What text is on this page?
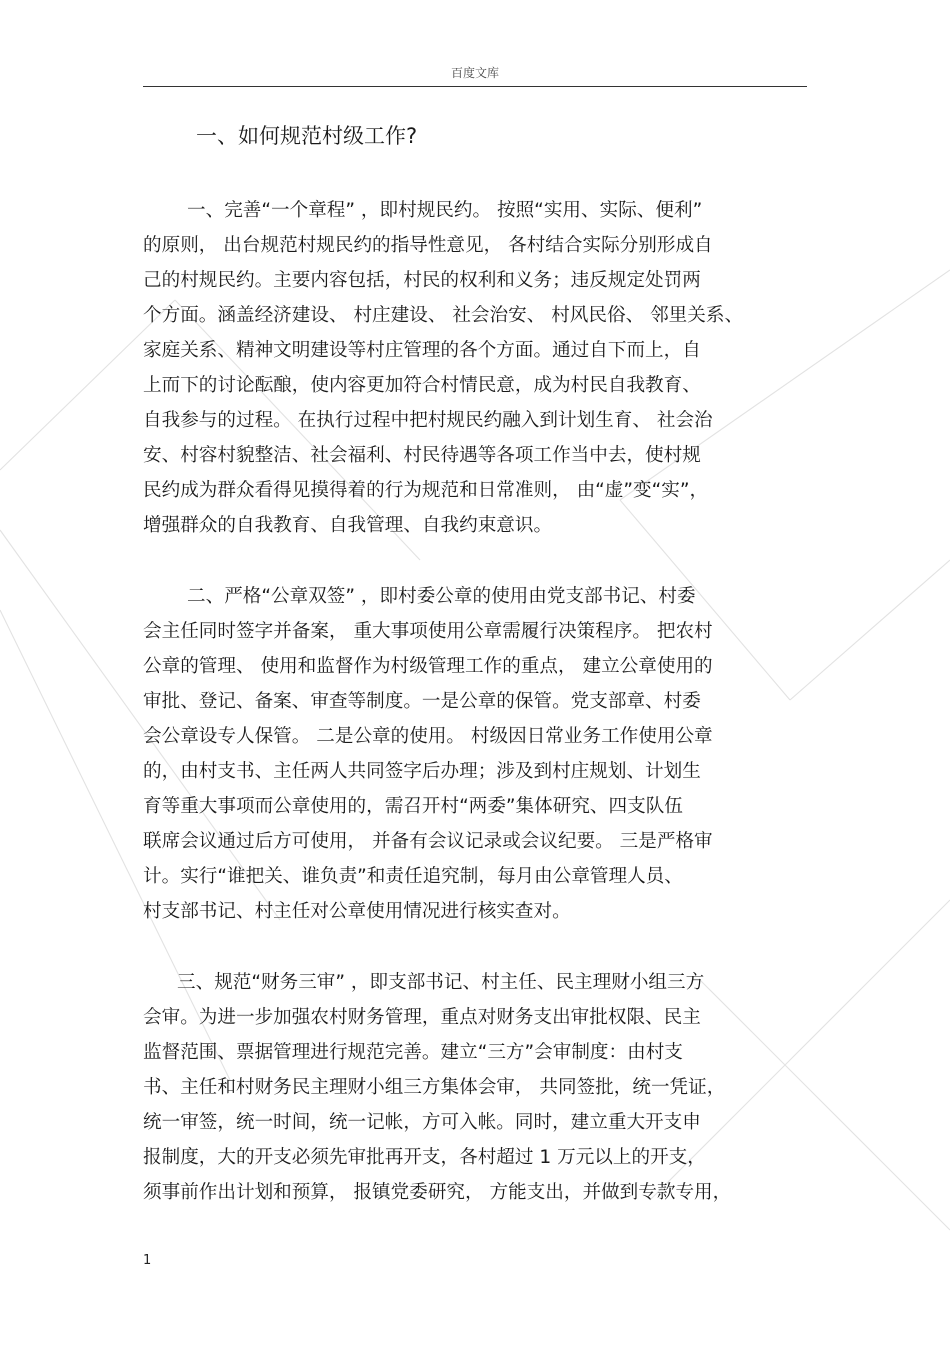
百度文库
一、如何规范村级工作?
一、完善“一个章程” ，即村规民约。 按照“实用、实际、便利”
的原则， 出台规范村规民约的指导性意见， 各村结合实际分别形成自
己的村规民约。主要内容包括，村民的权利和义务；违反规定处罚两
个方面。涵盖经济建设、 村庄建设、 社会治安、 村风民俗、 邻里关系、
家庭关系、精神文明建设等村庄管理的各个方面。通过自下而上，自
上而下的讨论酝酿，使内容更加符合村情民意，成为村民自我教育、
自我参与的过程。 在执行过程中把村规民约融入到计划生育、 社会治
安、村容村貌整洁、社会福利、村民待遇等各项工作当中去，使村规
民约成为群众看得见摸得着的行为规范和日常准则， 由“虚”变“实”，
增强群众的自我教育、自我管理、自我约束意识。
二、严格“公章双签” ，即村委公章的使用由党支部书记、村委
会主任同时签字并备案， 重大事项使用公章需履行决策程序。 把农村
公章的管理、 使用和监督作为村级管理工作的重点， 建立公章使用的
审批、登记、备案、审查等制度。一是公章的保管。党支部章、村委
会公章设专人保管。 二是公章的使用。 村级因日常业务工作使用公章
的，由村支书、主任两人共同签字后办理；涉及到村庄规划、计划生
育等重大事项而公章使用的，需召开村“两委”集体研究、四支队伍
联席会议通过后方可使用， 并备有会议记录或会议纪要。 三是严格审
计。实行“谁把关、谁负责”和责任追究制，每月由公章管理人员、
村支部书记、村主任对公章使用情况进行核实查对。
三、规范“财务三审” ，即支部书记、村主任、民主理财小组三方
会审。为进一步加强农村财务管理，重点对财务支出审批权限、民主
监督范围、票据管理进行规范完善。建立“三方”会审制度：由村支
书、主任和村财务民主理财小组三方集体会审， 共同签批，统一凭证，
统一审签，统一时间，统一记帐，方可入帐。同时，建立重大开支申
报制度，大的开支必须先审批再开支，各村超过 1 万元以上的开支，
须事前作出计划和预算， 报镇党委研究， 方能支出，并做到专款专用，
1
